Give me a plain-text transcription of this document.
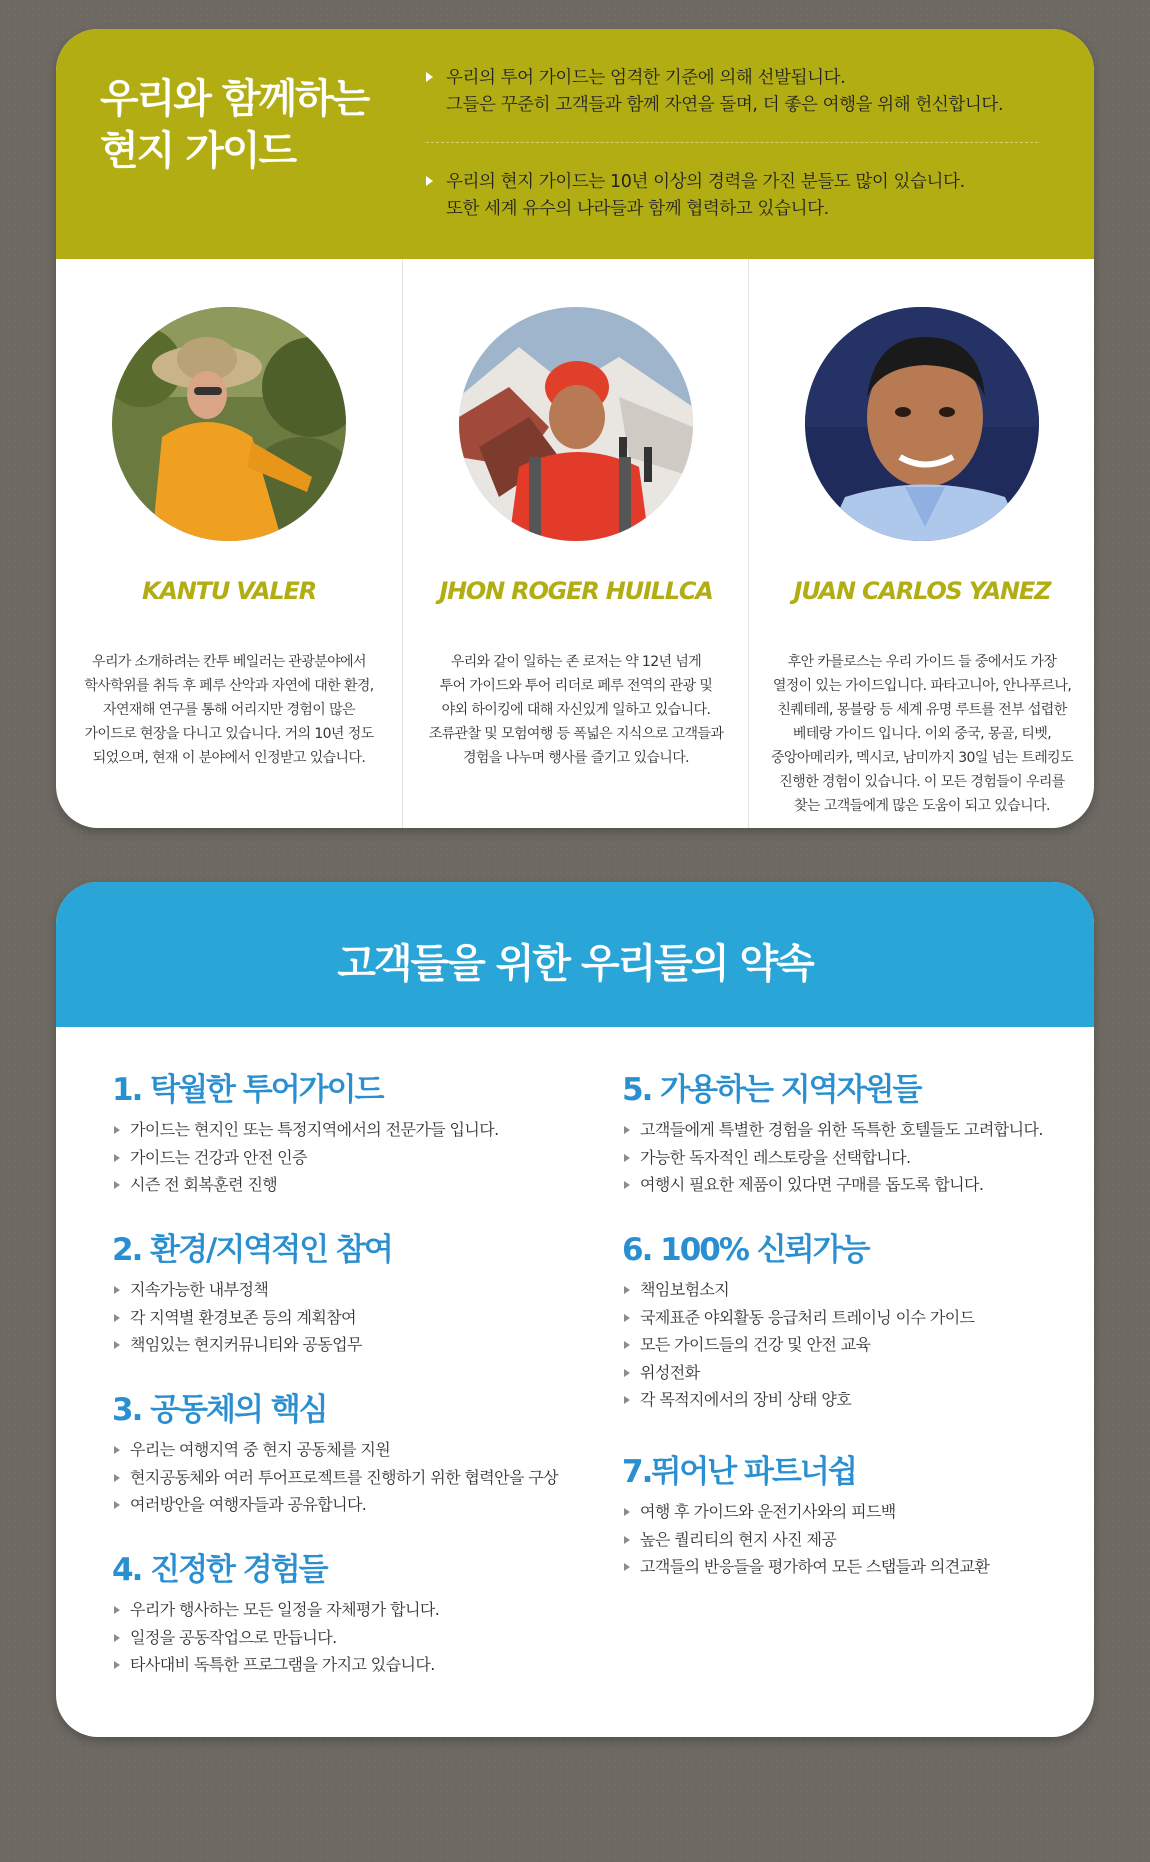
우리와 함께하는
현지 가이드
우리의 투어 가이드는 엄격한 기준에 의해 선발됩니다.
그들은 꾸준히 고객들과 함께 자연을 돌며, 더 좋은 여행을 위해 헌신합니다.
우리의 현지 가이드는 10년 이상의 경력을 가진 분들도 많이 있습니다.
또한 세계 유수의 나라들과 함께 협력하고 있습니다.
KANTU VALER
우리가 소개하려는 칸투 베일러는 관광분야에서
학사학위를 취득 후 페루 산악과 자연에 대한 환경,
자연재해 연구를 통해 어리지만 경험이 많은
가이드로 현장을 다니고 있습니다. 거의 10년 정도
되었으며, 현재 이 분야에서 인정받고 있습니다.
JHON ROGER HUILLCA
우리와 같이 일하는 존 로저는 약 12년 넘게
투어 가이드와 투어 리더로 페루 전역의 관광 및
야외 하이킹에 대해 자신있게 일하고 있습니다.
조류관찰 및 모험여행 등 폭넓은 지식으로 고객들과
경험을 나누며 행사를 즐기고 있습니다.
JUAN CARLOS YANEZ
후안 카를로스는 우리 가이드 들 중에서도 가장
열정이 있는 가이드입니다. 파타고니아, 안나푸르나,
친퀘테레, 몽블랑 등 세계 유명 루트를 전부 섭렵한
베테랑 가이드 입니다. 이외 중국, 몽골, 티벳,
중앙아메리카, 멕시코, 남미까지 30일 넘는 트레킹도
진행한 경험이 있습니다. 이 모든 경험들이 우리를
찾는 고객들에게 많은 도움이 되고 있습니다.
고객들을 위한 우리들의 약속
1. 탁월한 투어가이드
가이드는 현지인 또는 특정지역에서의 전문가들 입니다.
가이드는 건강과 안전 인증
시즌 전 회복훈련 진행
2. 환경/지역적인 참여
지속가능한 내부정책
각 지역별 환경보존 등의 계획참여
책임있는 현지커뮤니티와 공동업무
3. 공동체의 핵심
우리는 여행지역 중 현지 공동체를 지원
현지공동체와 여러 투어프로젝트를 진행하기 위한 협력안을 구상
여러방안을 여행자들과 공유합니다.
4. 진정한 경험들
우리가 행사하는 모든 일정을 자체평가 합니다.
일정을 공동작업으로 만듭니다.
타사대비 독특한 프로그램을 가지고 있습니다.
5. 가용하는 지역자원들
고객들에게 특별한 경험을 위한 독특한 호텔들도 고려합니다.
가능한 독자적인 레스토랑을 선택합니다.
여행시 필요한 제품이 있다면 구매를 돕도록 합니다.
6. 100% 신뢰가능
책임보험소지
국제표준 야외활동 응급처리 트레이닝 이수 가이드
모든 가이드들의 건강 및 안전 교육
위성전화
각 목적지에서의 장비 상태 양호
7.뛰어난 파트너쉽
여행 후 가이드와 운전기사와의 피드백
높은 퀄리티의 현지 사진 제공
고객들의 반응들을 평가하여 모든 스탭들과 의견교환
